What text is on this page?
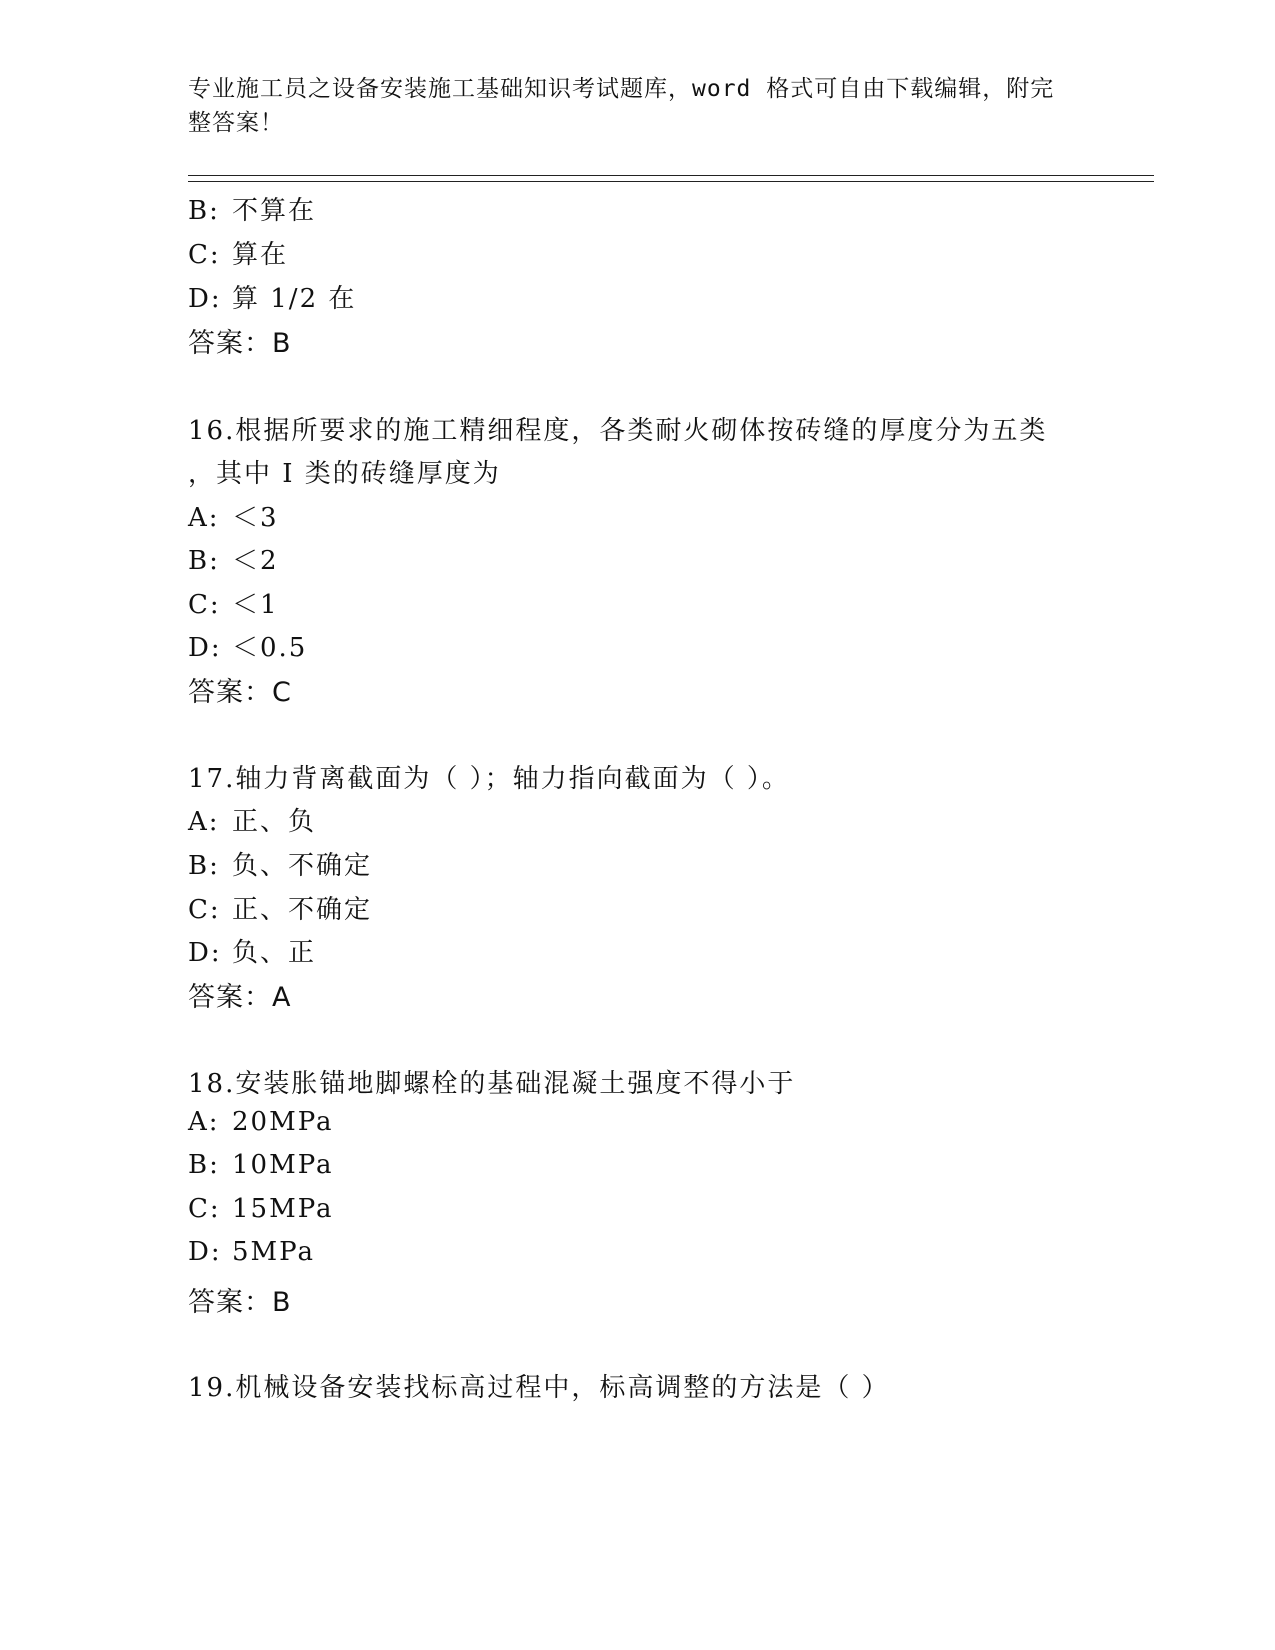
专业施工员之设备安装施工基础知识考试题库，word 格式可自由下载编辑，附完
整答案！
B: 不算在
C: 算在
D: 算 1/2 在
答案：B
16.根据所要求的施工精细程度，各类耐火砌体按砖缝的厚度分为五类
，其中 I 类的砖缝厚度为
A: ＜3
B: ＜2
C: ＜1
D: ＜0.5
答案：C
17.轴力背离截面为（ ）；轴力指向截面为（ ）。
A: 正、负
B: 负、不确定
C: 正、不确定
D: 负、正
答案：A
18.安装胀锚地脚螺栓的基础混凝土强度不得小于
A: 20MPa
B: 10MPa
C: 15MPa
D: 5MPa
答案：B
19.机械设备安装找标高过程中，标高调整的方法是（ ）
